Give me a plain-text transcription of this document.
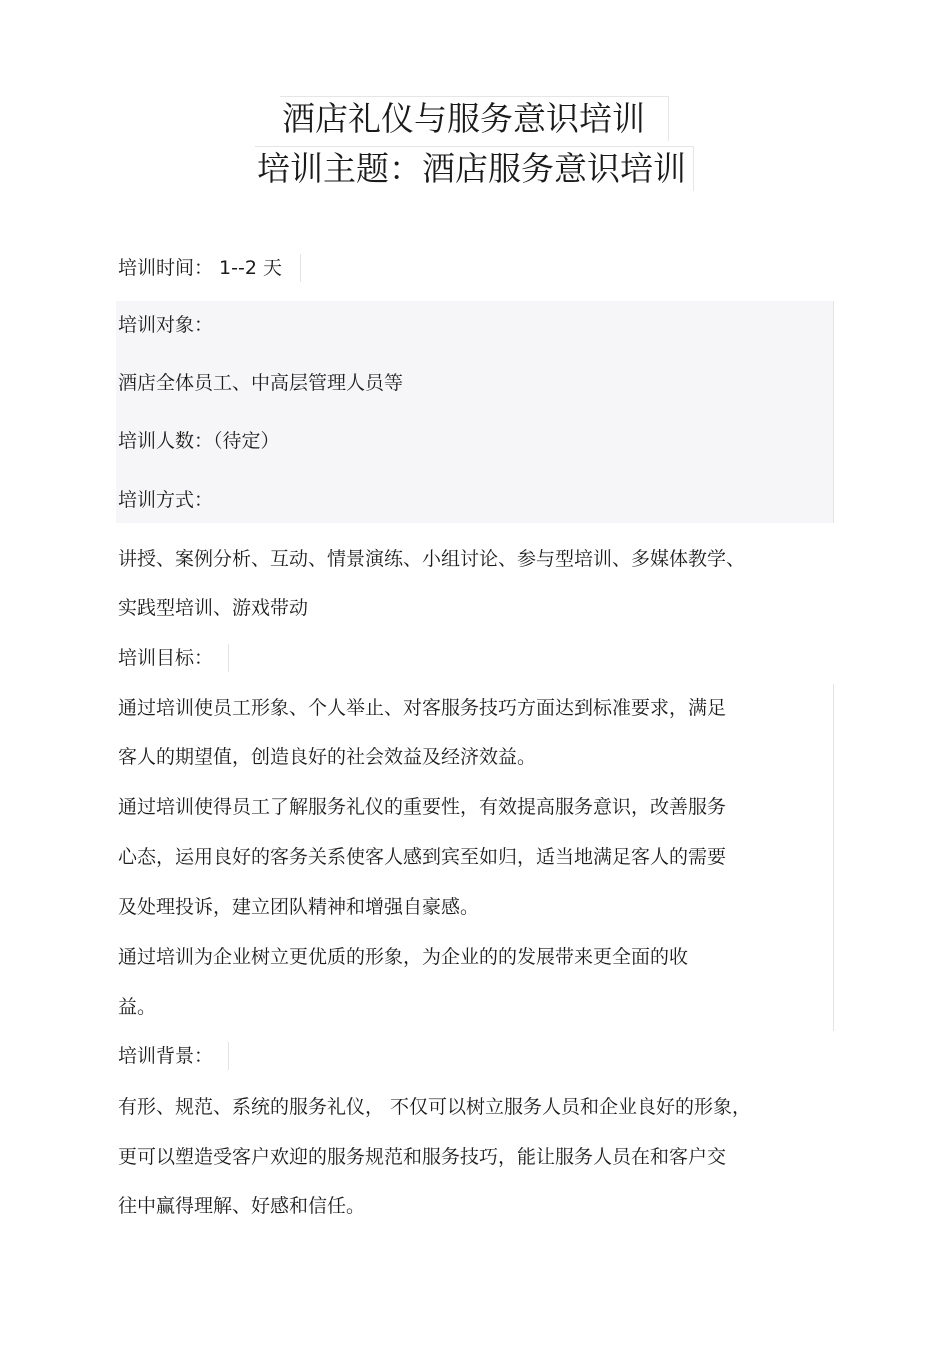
酒店礼仪与服务意识培训
培训主题：酒店服务意识培训
培训时间： 1--2 天
培训对象：
酒店全体员工、中高层管理人员等
培训人数：（待定）
培训方式：
讲授、案例分析、互动、情景演练、小组讨论、参与型培训、多媒体教学、
实践型培训、游戏带动
培训目标：
通过培训使员工形象、个人举止、对客服务技巧方面达到标准要求，满足
客人的期望值，创造良好的社会效益及经济效益。
通过培训使得员工了解服务礼仪的重要性，有效提高服务意识，改善服务
心态，运用良好的客务关系使客人感到宾至如归，适当地满足客人的需要
及处理投诉，建立团队精神和增强自豪感。
通过培训为企业树立更优质的形象，为企业的的发展带来更全面的收
益。
培训背景：
有形、规范、系统的服务礼仪， 不仅可以树立服务人员和企业良好的形象，
更可以塑造受客户欢迎的服务规范和服务技巧，能让服务人员在和客户交
往中赢得理解、好感和信任。
